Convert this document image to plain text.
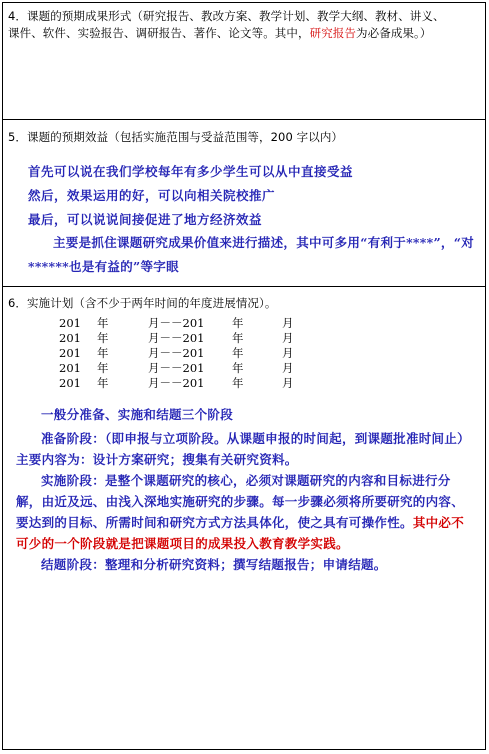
4．课题的预期成果形式（研究报告、教改方案、教学计划、教学大纲、教材、讲义、
课件、软件、实验报告、调研报告、著作、论文等。其中，研究报告为必备成果。）
5．课题的预期效益（包括实施范围与受益范围等，200 字以内）
首先可以说在我们学校每年有多少学生可以从中直接受益
然后，效果运用的好，可以向相关院校推广
最后，可以说说间接促进了地方经济效益
主要是抓住课题研究成果价值来进行描述，其中可多用“有利于****”，“对******也是有益的”等字眼
6．实施计划（含不少于两年时间的年度进展情况）。
201 年	月－－201 年	月
201 年	月－－201 年	月
201 年	月－－201 年	月
201 年	月－－201 年	月
201 年	月－－201 年	月
一般分准备、实施和结题三个阶段
准备阶段：（即申报与立项阶段。从课题申报的时间起，到课题批准时间止）主要内容为：设计方案研究；搜集有关研究资料。
实施阶段：是整个课题研究的核心，必须对课题研究的内容和目标进行分解，由近及远、由浅入深地实施研究的步骤。每一步骤必须将所要研究的内容、要达到的目标、所需时间和研究方式方法具体化，使之具有可操作性。其中必不可少的一个阶段就是把课题项目的成果投入教育教学实践。
结题阶段：整理和分析研究资料；撰写结题报告；申请结题。
